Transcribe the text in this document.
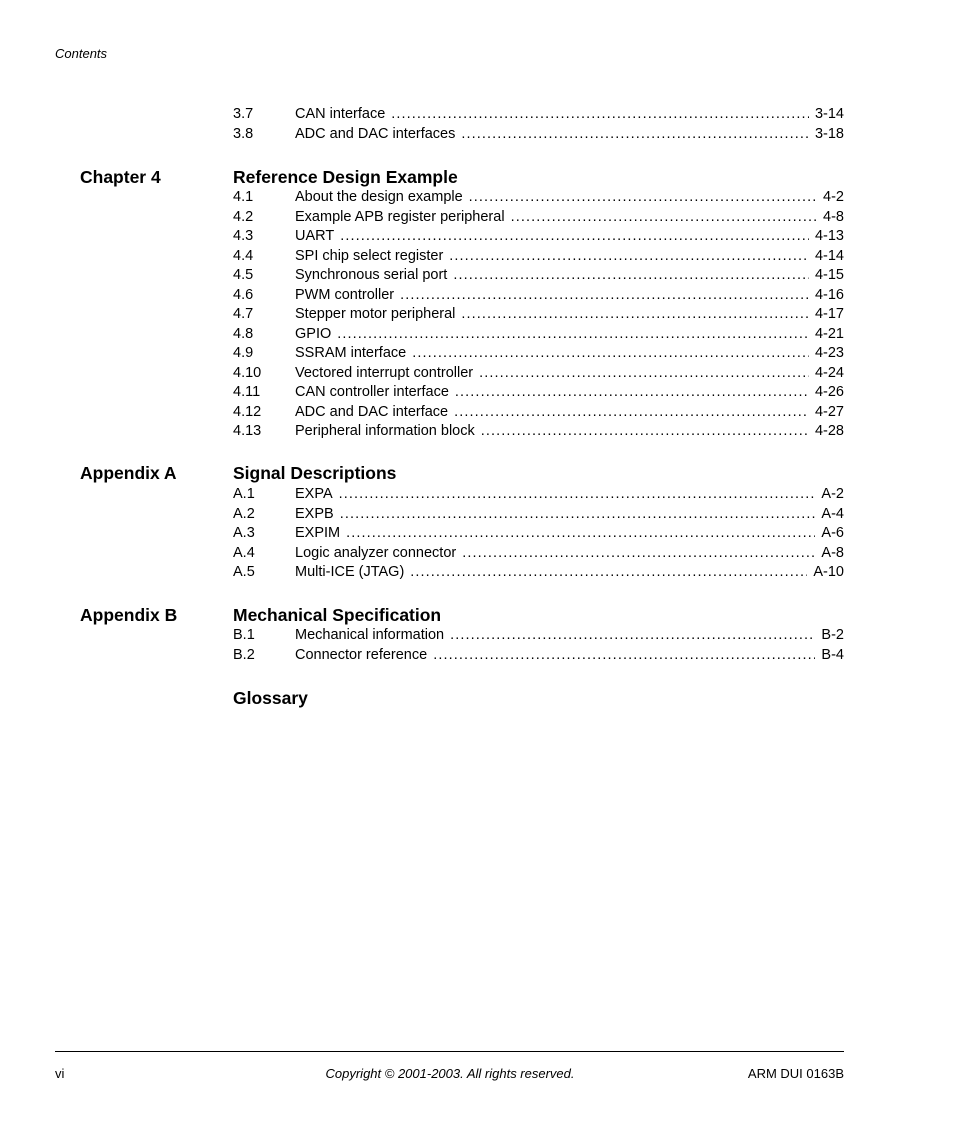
Contents
3.7	CAN interface .....	3-14
3.8	ADC and DAC interfaces .....	3-18
Chapter 4	Reference Design Example
4.1	About the design example .....	4-2
4.2	Example APB register peripheral .....	4-8
4.3	UART .....	4-13
4.4	SPI chip select register .....	4-14
4.5	Synchronous serial port .....	4-15
4.6	PWM controller .....	4-16
4.7	Stepper motor peripheral .....	4-17
4.8	GPIO .....	4-21
4.9	SSRAM interface .....	4-23
4.10	Vectored interrupt controller .....	4-24
4.11	CAN controller interface .....	4-26
4.12	ADC and DAC interface .....	4-27
4.13	Peripheral information block .....	4-28
Appendix A	Signal Descriptions
A.1	EXPA .....	A-2
A.2	EXPB .....	A-4
A.3	EXPIM .....	A-6
A.4	Logic analyzer connector .....	A-8
A.5	Multi-ICE (JTAG) .....	A-10
Appendix B	Mechanical Specification
B.1	Mechanical information .....	B-2
B.2	Connector reference .....	B-4
Glossary
vi	Copyright © 2001-2003. All rights reserved.	ARM DUI 0163B
